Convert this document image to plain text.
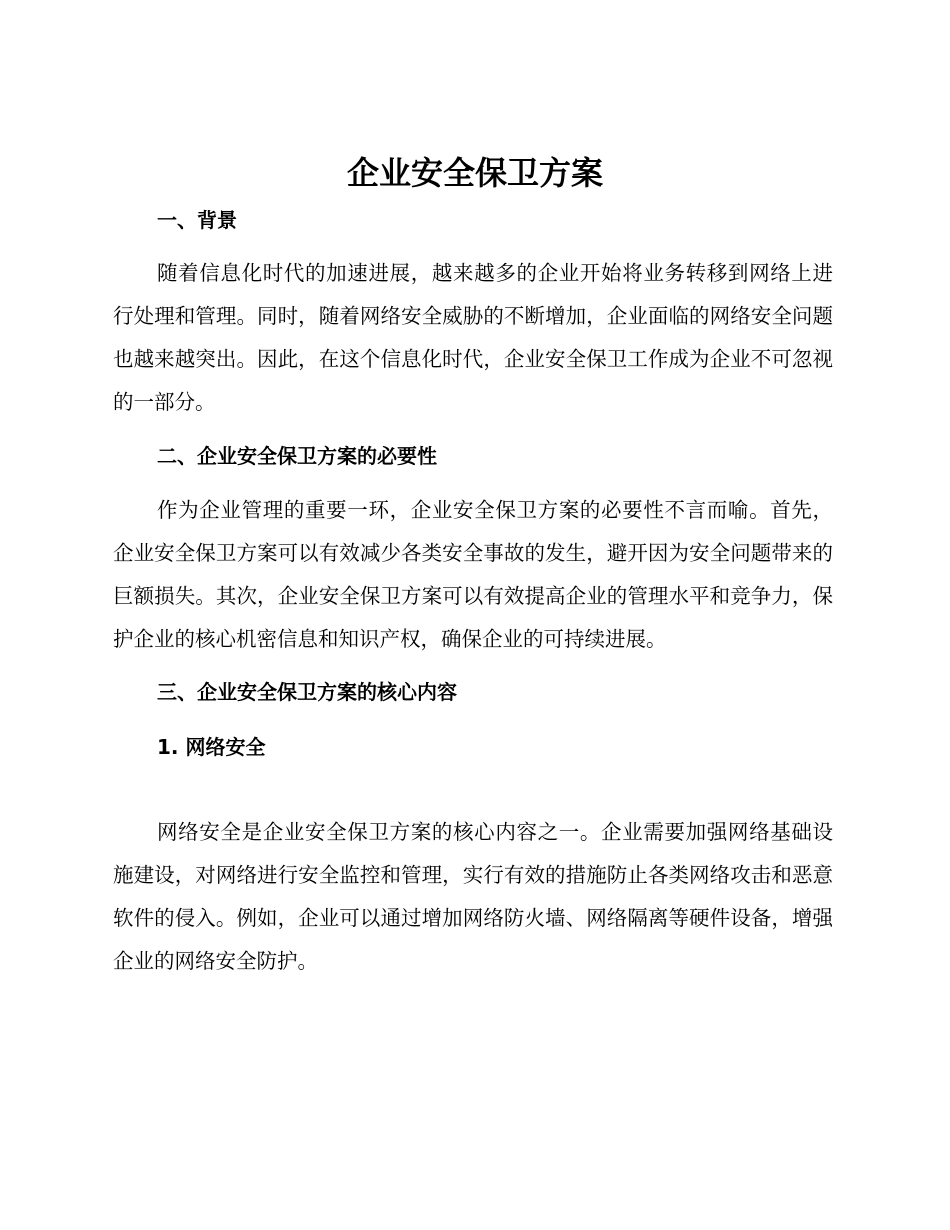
企业安全保卫方案
一、背景

随着信息化时代的加速进展，越来越多的企业开始将业务转移到网络上进行处理和管理。同时，随着网络安全威胁的不断增加，企业面临的网络安全问题也越来越突出。因此，在这个信息化时代，企业安全保卫工作成为企业不可忽视的一部分。

二、企业安全保卫方案的必要性

作为企业管理的重要一环，企业安全保卫方案的必要性不言而喻。首先，企业安全保卫方案可以有效减少各类安全事故的发生，避开因为安全问题带来的巨额损失。其次，企业安全保卫方案可以有效提高企业的管理水平和竞争力，保护企业的核心机密信息和知识产权，确保企业的可持续进展。

三、企业安全保卫方案的核心内容
1. 网络安全

网络安全是企业安全保卫方案的核心内容之一。企业需要加强网络基础设施建设，对网络进行安全监控和管理，实行有效的措施防止各类网络攻击和恶意软件的侵入。例如，企业可以通过增加网络防火墙、网络隔离等硬件设备，增强企业的网络安全防护。
